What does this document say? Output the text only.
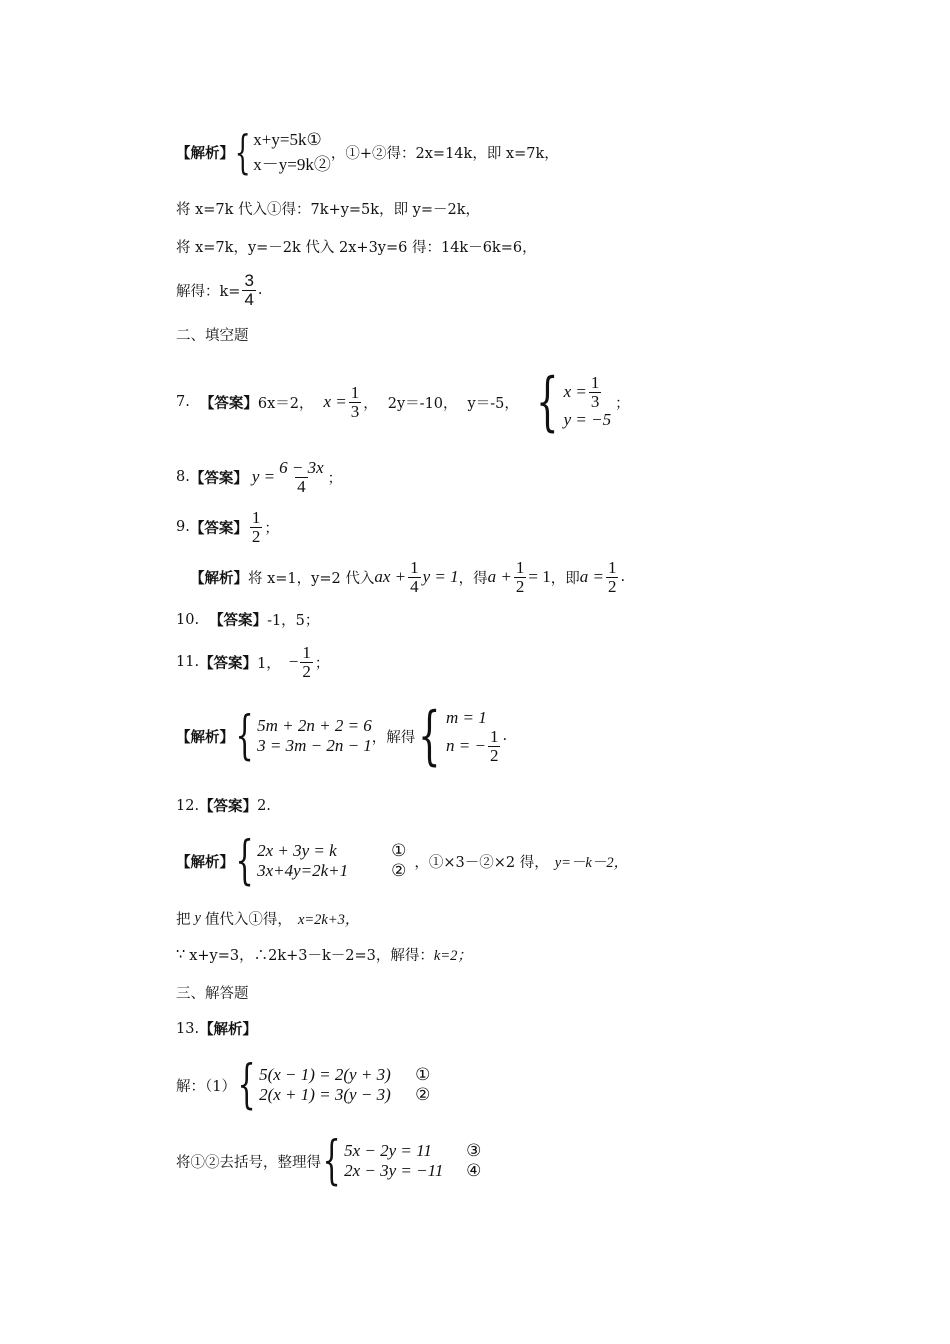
【解析】 { x+y=5k①
x－y=9k②
，①+②得：2x=14k，即 x=7k，
将 x=7k 代入①得：7k+y=5k，即 y=－2k，
将 x=7k，y=－2k 代入 2x+3y=6 得：14k－6k=6，
解得：$k= \frac{3}{4}$ .
二、填空题
7. 【答案】 6x＝2， $x = \frac{1}{3}$ ， 2y＝-10， y＝-5， { $x = \frac{1}{3}$
y = −5
；
8. 【答案】 $y = \frac{6 - 3x}{4}$ ；
9. 【答案】 $\frac{1}{2}$ ；
【解析】 将 x=1，y=2 代入 ax + $\frac{1}{4}$ y = 1 ，得 $a + \frac{1}{2} = 1$ ，即 $a = \frac{1}{2}$ .
10. 【答案】 -1，5；
11. 【答案】 1， − $\frac{1}{2}$ ；
【解析】 { 5m + 2n + 2 = 6
3 = 3m − 2n − 1 ，解得 { m = 1
n = − $\frac{1}{2}$ .
12. 【答案】 2.
【解析】 { 2x + 3y = k	①
3x+4y=2k+1	② ，①×3－②×2 得， y=－k－2，
把 y 值代入①得， x=2k+3，
∵ x+y=3，∴2k+3－k－2=3，解得： k=2；
三、解答题
13. 【解析】
解：（1） { 5(x − 1) = 2(y + 3)	①
2(x + 1) = 3(y − 3)	②
将①②去括号，整理得 { 5x − 2y = 11	③
2x − 3y = −11	④
